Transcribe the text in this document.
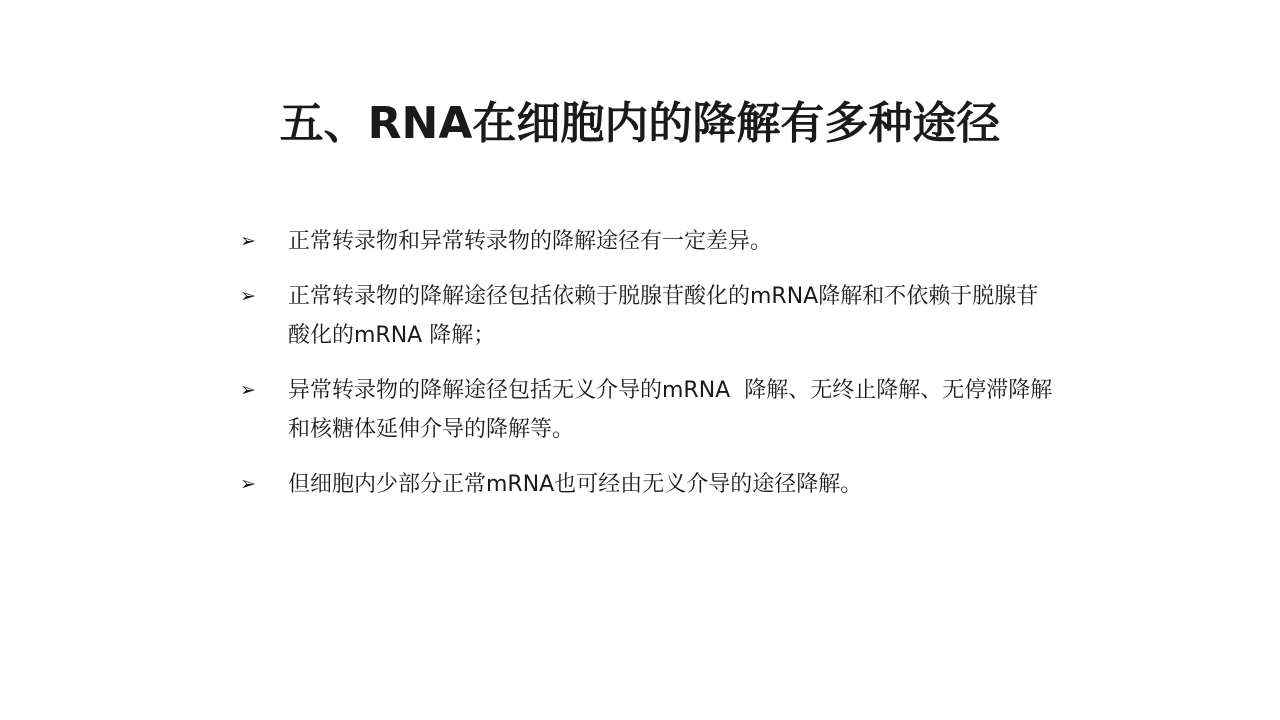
五、RNA在细胞内的降解有多种途径
➢	正常转录物和异常转录物的降解途径有一定差异。
➢	正常转录物的降解途径包括依赖于脱腺苷酸化的mRNA降解和不依赖于脱腺苷酸化的mRNA 降解；
➢	异常转录物的降解途径包括无义介导的mRNA  降解、无终止降解、无停滞降解和核糖体延伸介导的降解等。
➢	但细胞内少部分正常mRNA也可经由无义介导的途径降解。
